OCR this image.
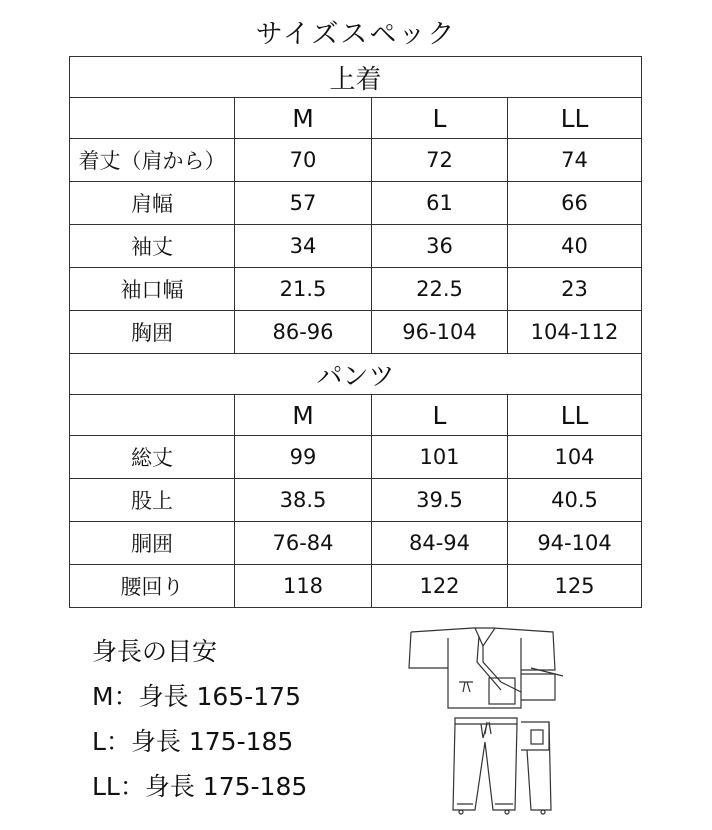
サイズスペック
上着			
	M	L	LL
着丈（肩から）	70	72	74
肩幅	57	61	66
袖丈	34	36	40
袖口幅	21.5	22.5	23
胸囲	86-96	96-104	104-112
パンツ			
	M	L	LL
総丈	99	101	104
股上	38.5	39.5	40.5
胴囲	76-84	84-94	94-104
腰回り	118	122	125
身長の目安
M：身長 165-175
L：身長 175-185
LL：身長 175-185
